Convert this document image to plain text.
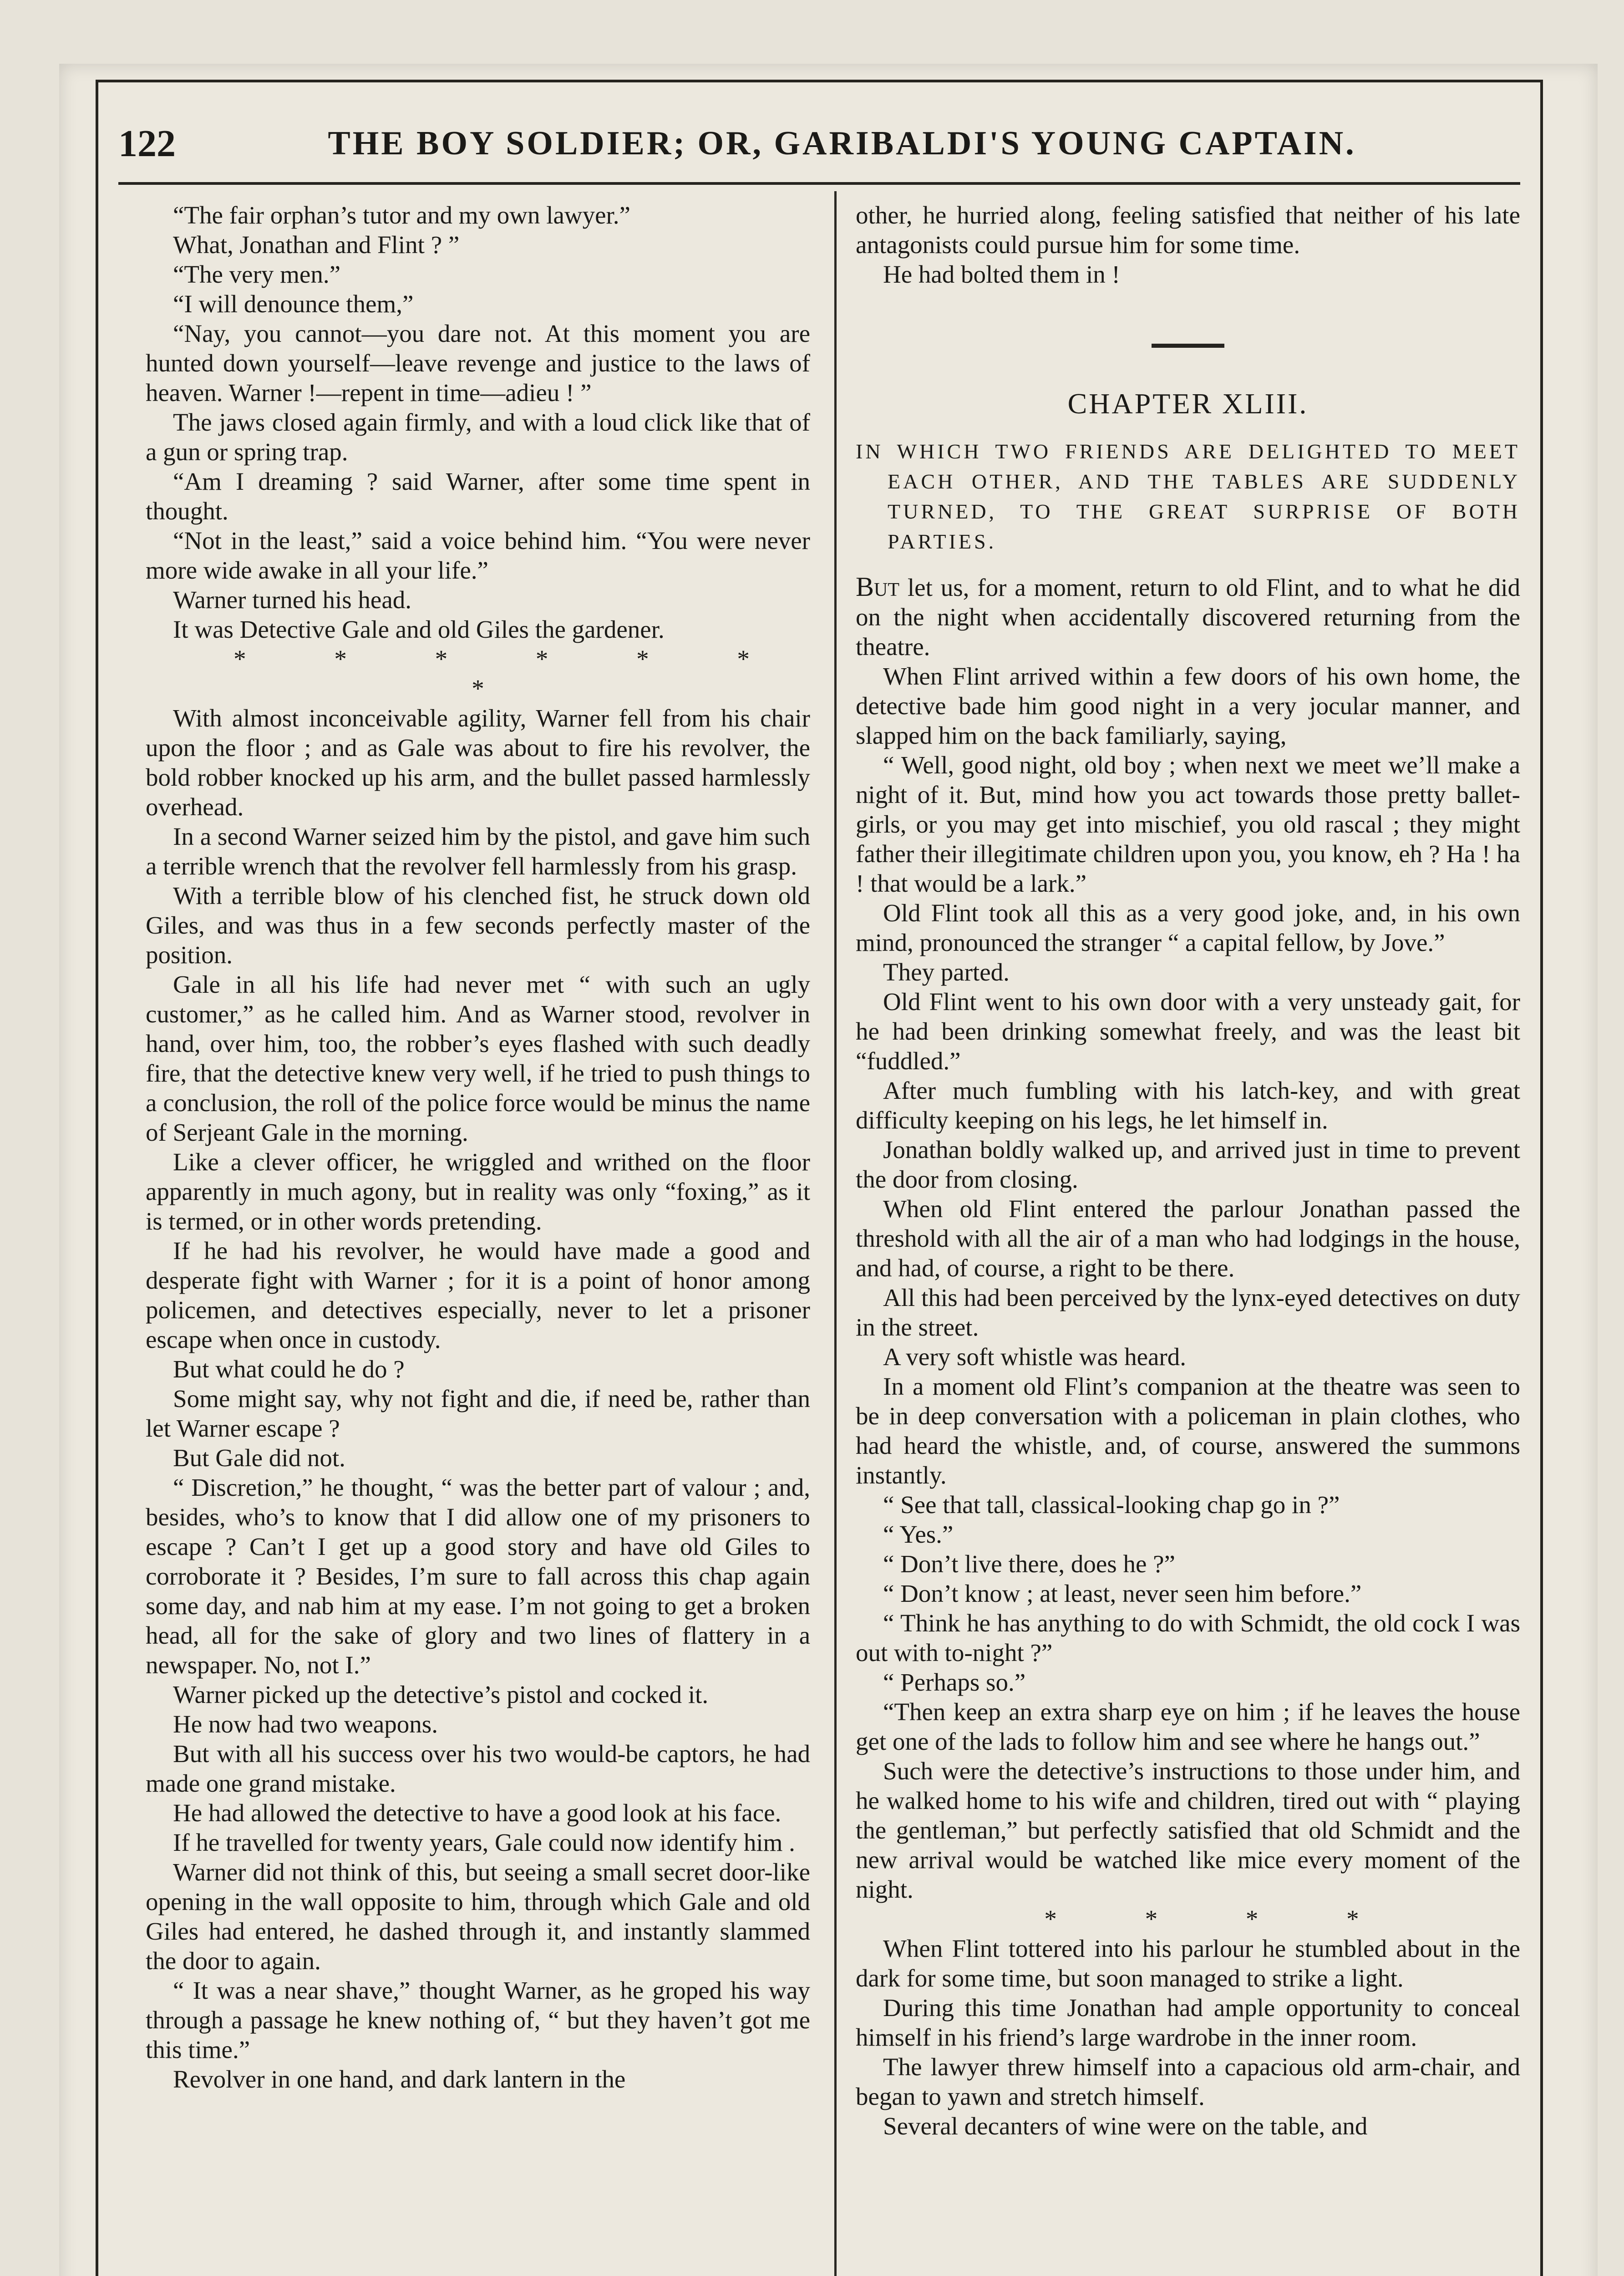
122	THE BOY SOLDIER; OR, GARIBALDI'S YOUNG CAPTAIN.

“The fair orphan’s tutor and my own lawyer.”

What, Jonathan and Flint ? ”

“The very men.”

“I will denounce them,”

“Nay, you cannot—you dare not. At this moment you are hunted down yourself—leave revenge and justice to the laws of heaven. Warner !—repent in time—adieu ! ”

The jaws closed again firmly, and with a loud click like that of a gun or spring trap.

“Am I dreaming ? said Warner, after some time spent in thought.

“Not in the least,” said a voice behind him. “You were never more wide awake in all your life.”

Warner turned his head.

It was Detective Gale and old Giles the gardener.

* * * * * * *

With almost inconceivable agility, Warner fell from his chair upon the floor ; and as Gale was about to fire his revolver, the bold robber knocked up his arm, and the bullet passed harmlessly overhead.

In a second Warner seized him by the pistol, and gave him such a terrible wrench that the revolver fell harmlessly from his grasp.

With a terrible blow of his clenched fist, he struck down old Giles, and was thus in a few seconds perfectly master of the position.

Gale in all his life had never met “ with such an ugly customer,” as he called him. And as Warner stood, revolver in hand, over him, too, the robber’s eyes flashed with such deadly fire, that the detective knew very well, if he tried to push things to a conclusion, the roll of the police force would be minus the name of Serjeant Gale in the morning.

Like a clever officer, he wriggled and writhed on the floor apparently in much agony, but in reality was only “foxing,” as it is termed, or in other words pretending.

If he had his revolver, he would have made a good and desperate fight with Warner ; for it is a point of honor among policemen, and detectives especially, never to let a prisoner escape when once in custody.

But what could he do ?

Some might say, why not fight and die, if need be, rather than let Warner escape ?

But Gale did not.

“ Discretion,” he thought, “ was the better part of valour ; and, besides, who’s to know that I did allow one of my prisoners to escape ? Can’t I get up a good story and have old Giles to corroborate it ? Besides, I’m sure to fall across this chap again some day, and nab him at my ease. I’m not going to get a broken head, all for the sake of glory and two lines of flattery in a newspaper. No, not I.”

Warner picked up the detective’s pistol and cocked it.

He now had two weapons.

But with all his success over his two would-be captors, he had made one grand mistake.

He had allowed the detective to have a good look at his face.

If he travelled for twenty years, Gale could now identify him .

Warner did not think of this, but seeing a small secret door-like opening in the wall opposite to him, through which Gale and old Giles had entered, he dashed through it, and instantly slammed the door to again.

“ It was a near shave,” thought Warner, as he groped his way through a passage he knew nothing of, “ but they haven’t got me this time.”

Revolver in one hand, and dark lantern in the

other, he hurried along, feeling satisfied that neither of his late antagonists could pursue him for some time.

He had bolted them in !

CHAPTER XLIII.
IN WHICH TWO FRIENDS ARE DELIGHTED TO MEET EACH OTHER, AND THE TABLES ARE SUDDENLY TURNED, TO THE GREAT SURPRISE OF BOTH PARTIES.

But let us, for a moment, return to old Flint, and to what he did on the night when accidentally discovered returning from the theatre.

When Flint arrived within a few doors of his own home, the detective bade him good night in a very jocular manner, and slapped him on the back familiarly, saying,

“ Well, good night, old boy ; when next we meet we’ll make a night of it. But, mind how you act towards those pretty ballet-girls, or you may get into mischief, you old rascal ; they might father their illegitimate children upon you, you know, eh ? Ha ! ha ! that would be a lark.”

Old Flint took all this as a very good joke, and, in his own mind, pronounced the stranger “ a capital fellow, by Jove.”

They parted.

Old Flint went to his own door with a very unsteady gait, for he had been drinking somewhat freely, and was the least bit “fuddled.”

After much fumbling with his latch-key, and with great difficulty keeping on his legs, he let himself in.

Jonathan boldly walked up, and arrived just in time to prevent the door from closing.

When old Flint entered the parlour Jonathan passed the threshold with all the air of a man who had lodgings in the house, and had, of course, a right to be there.

All this had been perceived by the lynx-eyed detectives on duty in the street.

A very soft whistle was heard.

In a moment old Flint’s companion at the theatre was seen to be in deep conversation with a policeman in plain clothes, who had heard the whistle, and, of course, answered the summons instantly.

“ See that tall, classical-looking chap go in ?”

“ Yes.”

“ Don’t live there, does he ?”

“ Don’t know ; at least, never seen him before.”

“ Think he has anything to do with Schmidt, the old cock I was out with to-night ?”

“ Perhaps so.”

“Then keep an extra sharp eye on him ; if he leaves the house get one of the lads to follow him and see where he hangs out.”

Such were the detective’s instructions to those under him, and he walked home to his wife and children, tired out with “ playing the gentleman,” but perfectly satisfied that old Schmidt and the new arrival would be watched like mice every moment of the night.

* * * *

When Flint tottered into his parlour he stumbled about in the dark for some time, but soon managed to strike a light.

During this time Jonathan had ample opportunity to conceal himself in his friend’s large wardrobe in the inner room.

The lawyer threw himself into a capacious old arm-chair, and began to yawn and stretch himself.

Several decanters of wine were on the table, and
